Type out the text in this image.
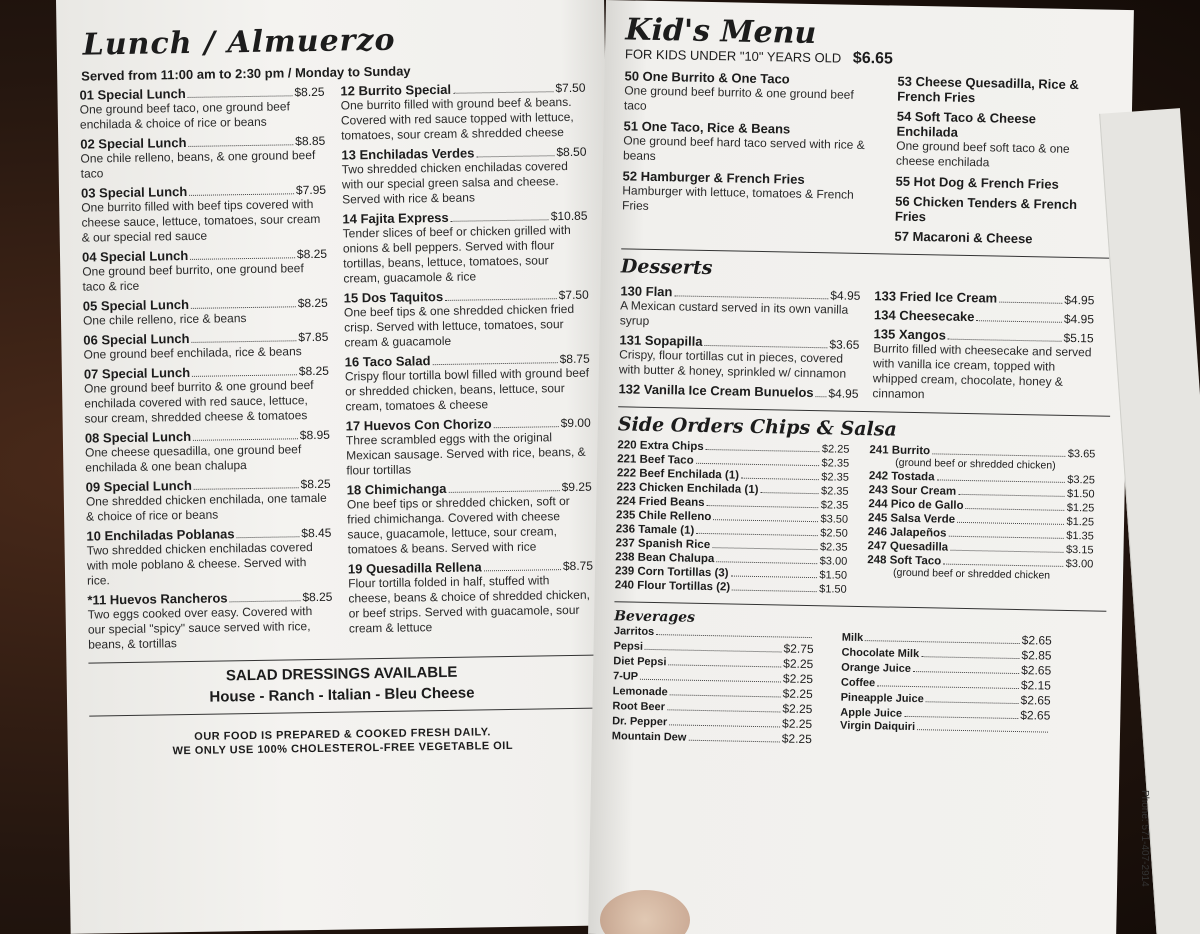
Lunch / Almuerzo
Served from 11:00 am to 2:30 pm / Monday to Sunday
01 Special Lunch	$8.25
One ground beef taco, one ground beef enchilada & choice of rice or beans
02 Special Lunch	$8.85
One chile relleno, beans, & one ground beef taco
03 Special Lunch	$7.95
One burrito filled with beef tips covered with cheese sauce, lettuce, tomatoes, sour cream & our special red sauce
04 Special Lunch	$8.25
One ground beef burrito, one ground beef taco & rice
05 Special Lunch	$8.25
One chile relleno, rice & beans
06 Special Lunch	$7.85
One ground beef enchilada, rice & beans
07 Special Lunch	$8.25
One ground beef burrito & one ground beef enchilada covered with red sauce, lettuce, sour cream, shredded cheese & tomatoes
08 Special Lunch	$8.95
One cheese quesadilla, one ground beef enchilada & one bean chalupa
09 Special Lunch	$8.25
One shredded chicken enchilada, one tamale & choice of rice or beans
10 Enchiladas Poblanas	$8.45
Two shredded chicken enchiladas covered with mole poblano & cheese. Served with rice.
*11 Huevos Rancheros	$8.25
Two eggs cooked over easy. Covered with our special "spicy" sauce served with rice, beans, & tortillas
12 Burrito Special	$7.50
One burrito filled with ground beef & beans. Covered with red sauce topped with lettuce, tomatoes, sour cream & shredded cheese
13 Enchiladas Verdes	$8.50
Two shredded chicken enchiladas covered with our special green salsa and cheese. Served with rice & beans
14 Fajita Express	$10.85
Tender slices of beef or chicken grilled with onions & bell peppers. Served with flour tortillas, beans, lettuce, tomatoes, sour cream, guacamole & rice
15 Dos Taquitos	$7.50
One beef tips & one shredded chicken fried crisp. Served with lettuce, tomatoes, sour cream & guacamole
16 Taco Salad	$8.75
Crispy flour tortilla bowl filled with ground beef or shredded chicken, beans, lettuce, sour cream, tomatoes & cheese
17 Huevos Con Chorizo	$9.00
Three scrambled eggs with the original Mexican sausage. Served with rice, beans, & flour tortillas
18 Chimichanga	$9.25
One beef tips or shredded chicken, soft or fried chimichanga. Covered with cheese sauce, guacamole, lettuce, sour cream, tomatoes & beans. Served with rice
19 Quesadilla Rellena	$8.75
Flour tortilla folded in half, stuffed with cheese, beans & choice of shredded chicken, or beef strips. Served with guacamole, sour cream & lettuce
SALAD DRESSINGS AVAILABLE
House - Ranch - Italian - Bleu Cheese
OUR FOOD IS PREPARED & COOKED FRESH DAILY.
WE ONLY USE 100% CHOLESTEROL-FREE VEGETABLE OIL
Kid's Menu
FOR KIDS UNDER "10" YEARS OLD $6.65
50 One Burrito & One Taco
One ground beef burrito & one ground beef taco
51 One Taco, Rice & Beans
One ground beef hard taco served with rice & beans
52 Hamburger & French Fries
Hamburger with lettuce, tomatoes & French Fries
53 Cheese Quesadilla, Rice & French Fries
54 Soft Taco & Cheese Enchilada
One ground beef soft taco & one cheese enchilada
55 Hot Dog & French Fries
56 Chicken Tenders & French Fries
57 Macaroni & Cheese
Desserts
130 Flan	$4.95
A Mexican custard served in its own vanilla syrup
131 Sopapilla	$3.65
Crispy, flour tortillas cut in pieces, covered with butter & honey, sprinkled w/ cinnamon
132 Vanilla Ice Cream Bunuelos $4.95
133 Fried Ice Cream	$4.95
134 Cheesecake	$4.95
135 Xangos	$5.15
Burrito filled with cheesecake and served with vanilla ice cream, topped with whipped cream, chocolate, honey & cinnamon
Side Orders Chips & Salsa
220 Extra Chips	$2.25
221 Beef Taco	$2.35
222 Beef Enchilada (1)	$2.35
223 Chicken Enchilada (1)	$2.35
224 Fried Beans	$2.35
235 Chile Relleno	$3.50
236 Tamale (1)	$2.50
237 Spanish Rice	$2.35
238 Bean Chalupa	$3.00
239 Corn Tortillas (3)	$1.50
240 Flour Tortillas (2)	$1.50
241 Burrito	$3.65
(ground beef or shredded chicken)
242 Tostada	$3.25
243 Sour Cream	$1.50
244 Pico de Gallo	$1.25
245 Salsa Verde	$1.25
246 Jalapeños	$1.35
247 Quesadilla	$3.15
248 Soft Taco	$3.00
(ground beef or shredded chicken
Beverages
Jarritos
Pepsi	$2.75
Diet Pepsi	$2.25
7-UP	$2.25
Lemonade	$2.25
Root Beer	$2.25
Dr. Pepper	$2.25
Mountain Dew	$2.25
Milk	$2.65
Chocolate Milk	$2.85
Orange Juice	$2.65
Coffee	$2.15
Pineapple Juice	$2.65
Apple Juice	$2.65
Virgin Daiquiri
Phone: 571-407-2914
